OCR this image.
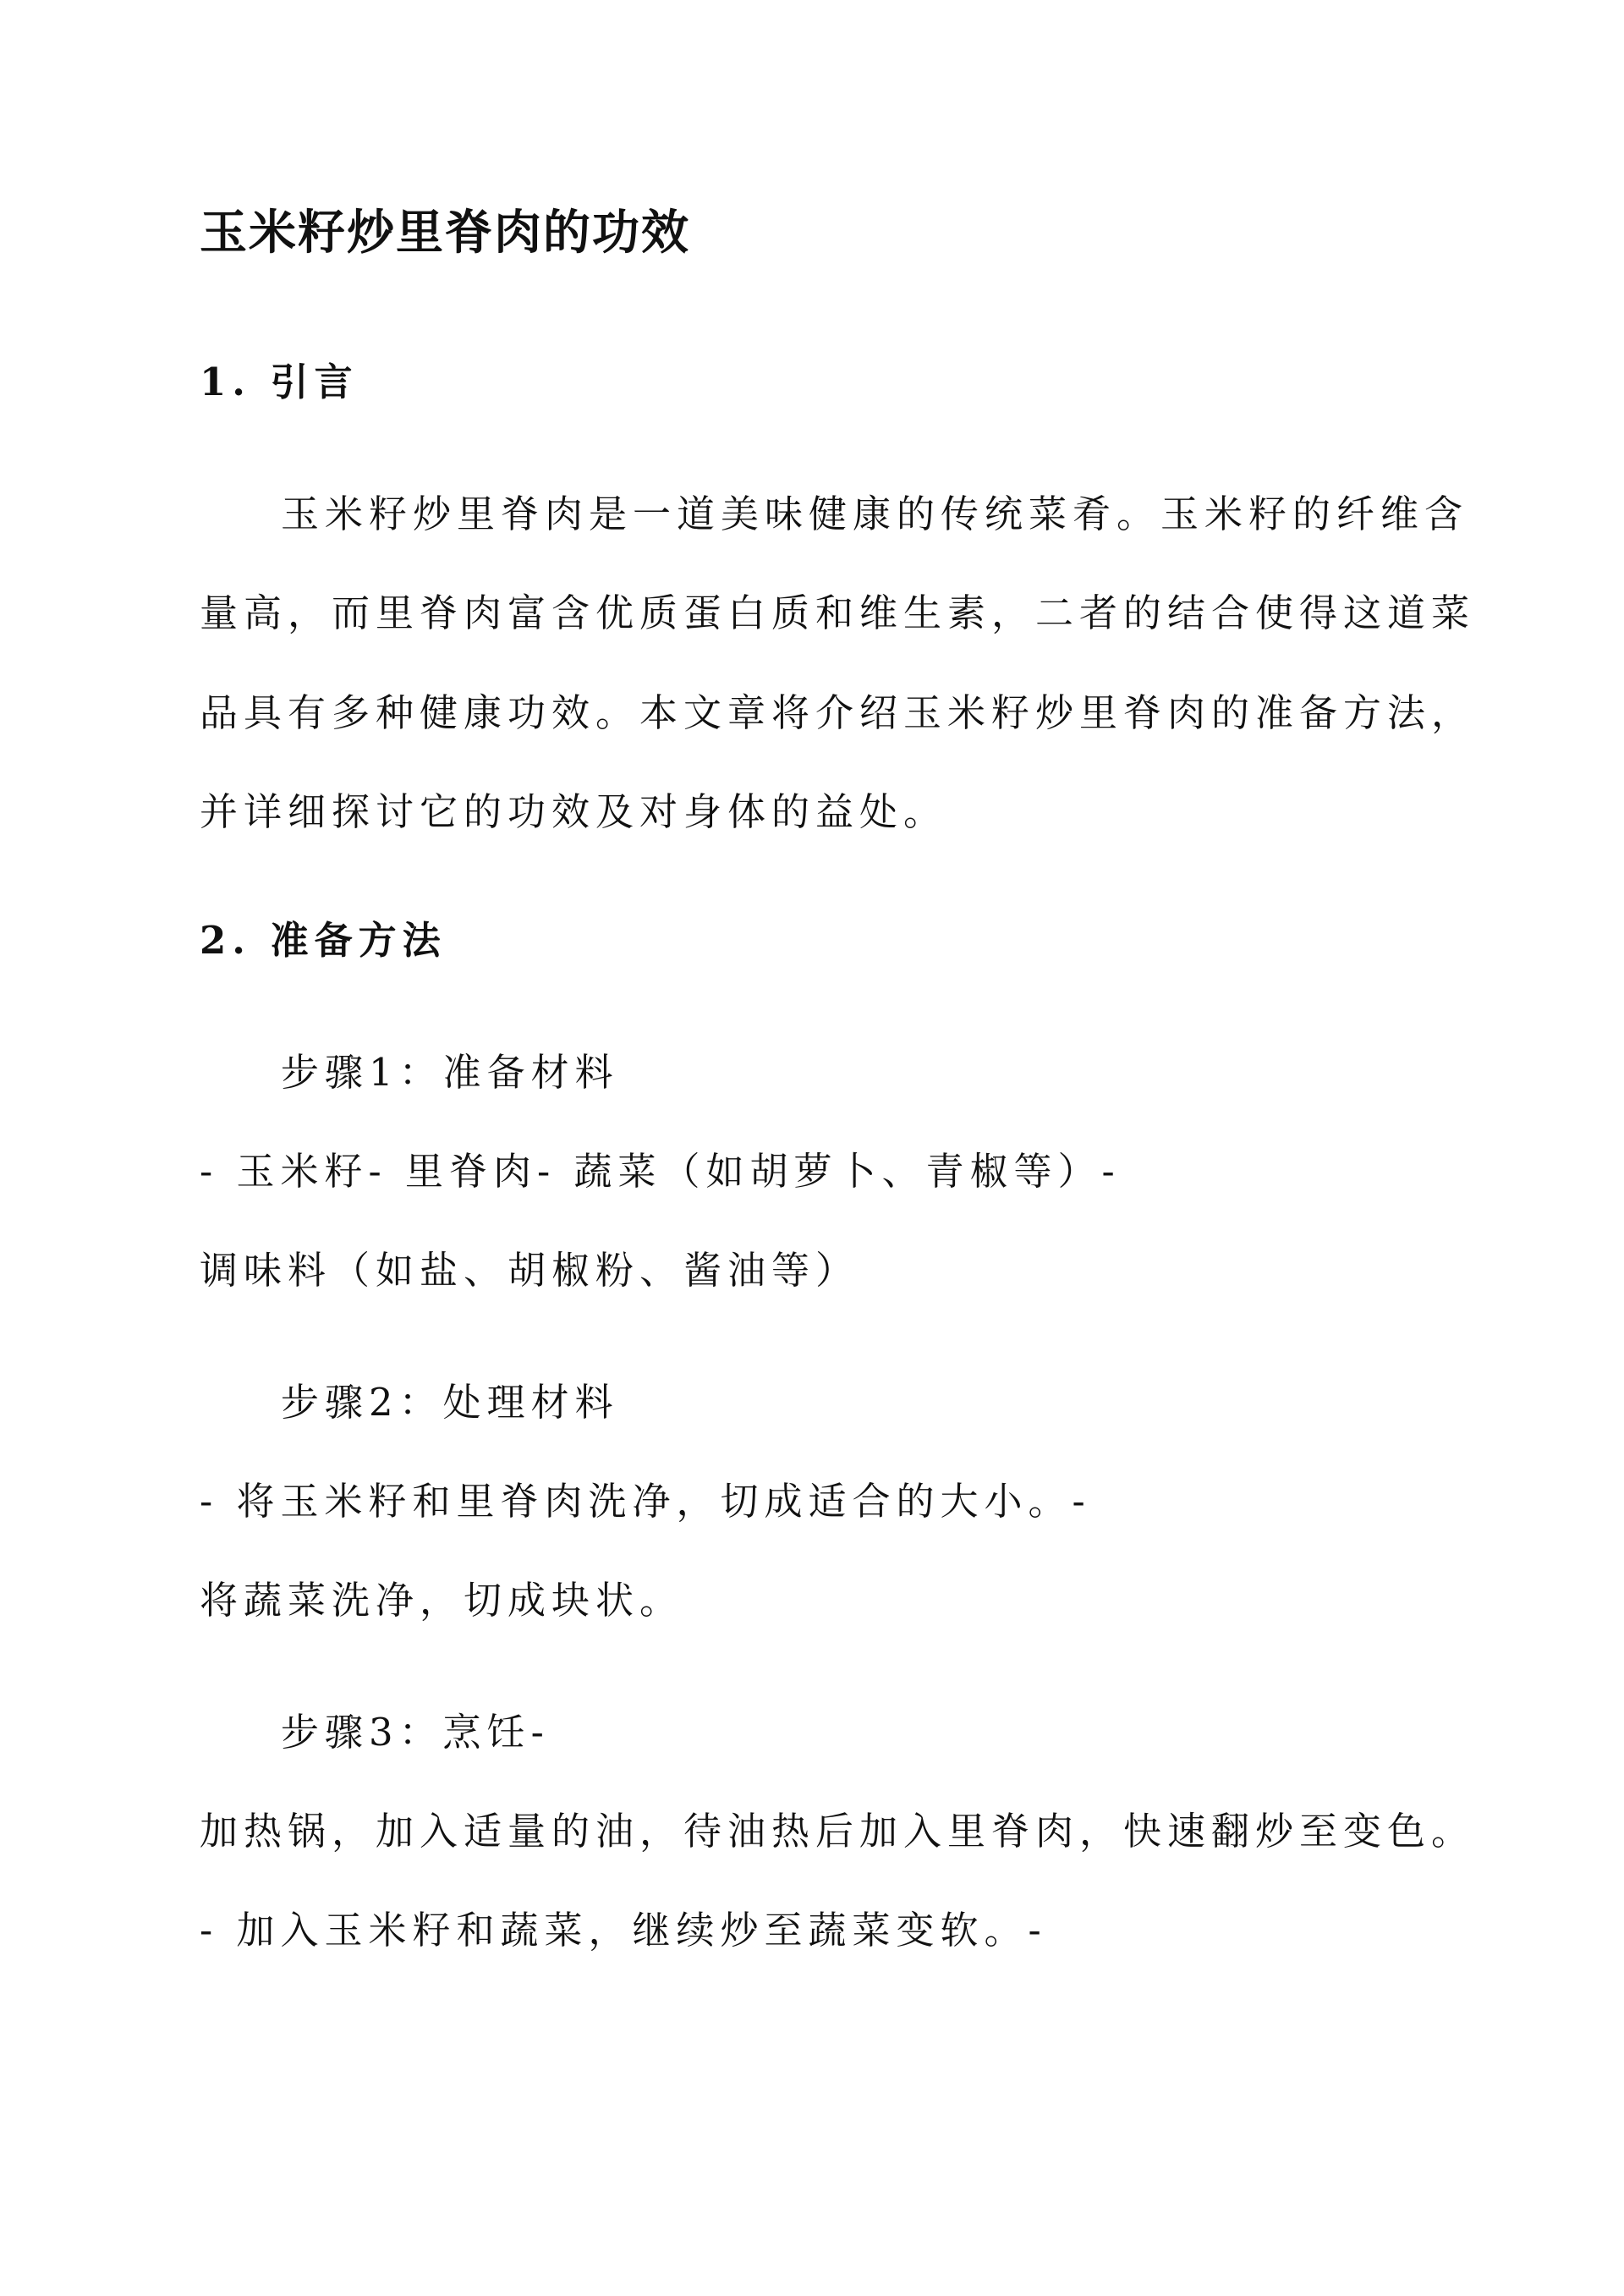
玉米籽炒里脊肉的功效
1. 引言
玉米籽炒里脊肉是一道美味健康的传统菜肴。玉米籽的纤维含
量高，而里脊肉富含优质蛋白质和维生素，二者的结合使得这道菜
品具有多种健康功效。本文章将介绍玉米籽炒里脊肉的准备方法，
并详细探讨它的功效及对身体的益处。
2. 准备方法
步骤1：准备材料
- 玉米籽- 里脊肉- 蔬菜（如胡萝卜、青椒等）-
调味料（如盐、胡椒粉、酱油等）
步骤2：处理材料
- 将玉米籽和里脊肉洗净，切成适合的大小。-
将蔬菜洗净，切成块状。
步骤3：烹饪-
加热锅，加入适量的油，待油热后加入里脊肉，快速翻炒至变色。
- 加入玉米籽和蔬菜，继续炒至蔬菜变软。-
